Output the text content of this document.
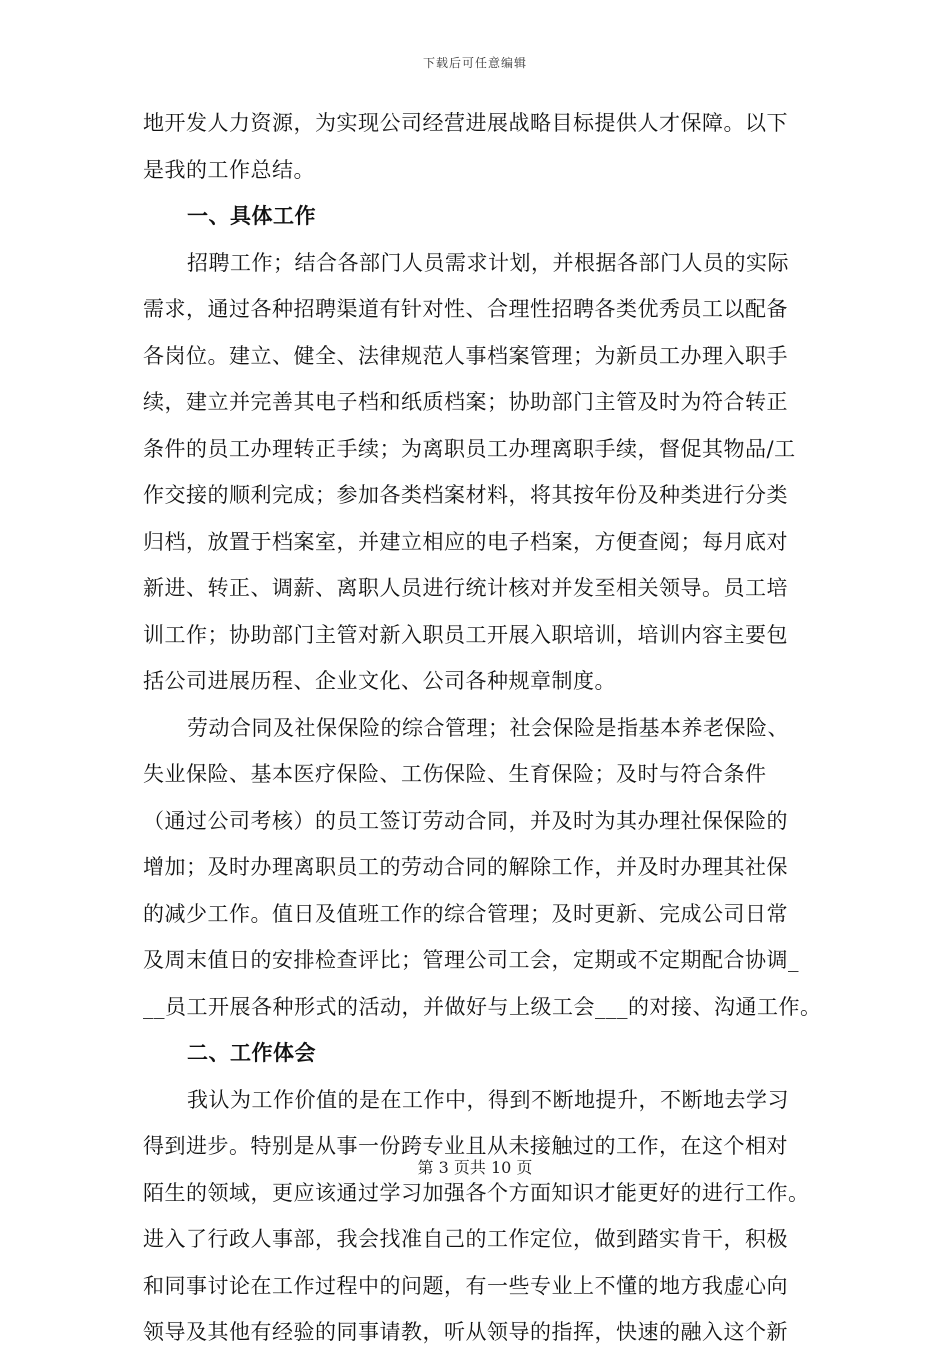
下载后可任意编辑
地开发人力资源，为实现公司经营进展战略目标提供人才保障。以下
是我的工作总结。
一、具体工作
招聘工作；结合各部门人员需求计划，并根据各部门人员的实际
需求，通过各种招聘渠道有针对性、合理性招聘各类优秀员工以配备
各岗位。建立、健全、法律规范人事档案管理；为新员工办理入职手
续，建立并完善其电子档和纸质档案；协助部门主管及时为符合转正
条件的员工办理转正手续；为离职员工办理离职手续，督促其物品/工
作交接的顺利完成；参加各类档案材料，将其按年份及种类进行分类
归档，放置于档案室，并建立相应的电子档案，方便查阅；每月底对
新进、转正、调薪、离职人员进行统计核对并发至相关领导。员工培
训工作；协助部门主管对新入职员工开展入职培训，培训内容主要包
括公司进展历程、企业文化、公司各种规章制度。
劳动合同及社保保险的综合管理；社会保险是指基本养老保险、
失业保险、基本医疗保险、工伤保险、生育保险；及时与符合条件
（通过公司考核）的员工签订劳动合同，并及时为其办理社保保险的
增加；及时办理离职员工的劳动合同的解除工作，并及时办理其社保
的减少工作。值日及值班工作的综合管理；及时更新、完成公司日常
及周末值日的安排检查评比；管理公司工会，定期或不定期配合协调_
__员工开展各种形式的活动，并做好与上级工会___的对接、沟通工作。
二、工作体会
我认为工作价值的是在工作中，得到不断地提升，不断地去学习
得到进步。特别是从事一份跨专业且从未接触过的工作，在这个相对
陌生的领域，更应该通过学习加强各个方面知识才能更好的进行工作。
进入了行政人事部，我会找准自己的工作定位，做到踏实肯干，积极
和同事讨论在工作过程中的问题，有一些专业上不懂的地方我虚心向
领导及其他有经验的同事请教，听从领导的指挥，快速的融入这个新
第 3 页共 10 页
